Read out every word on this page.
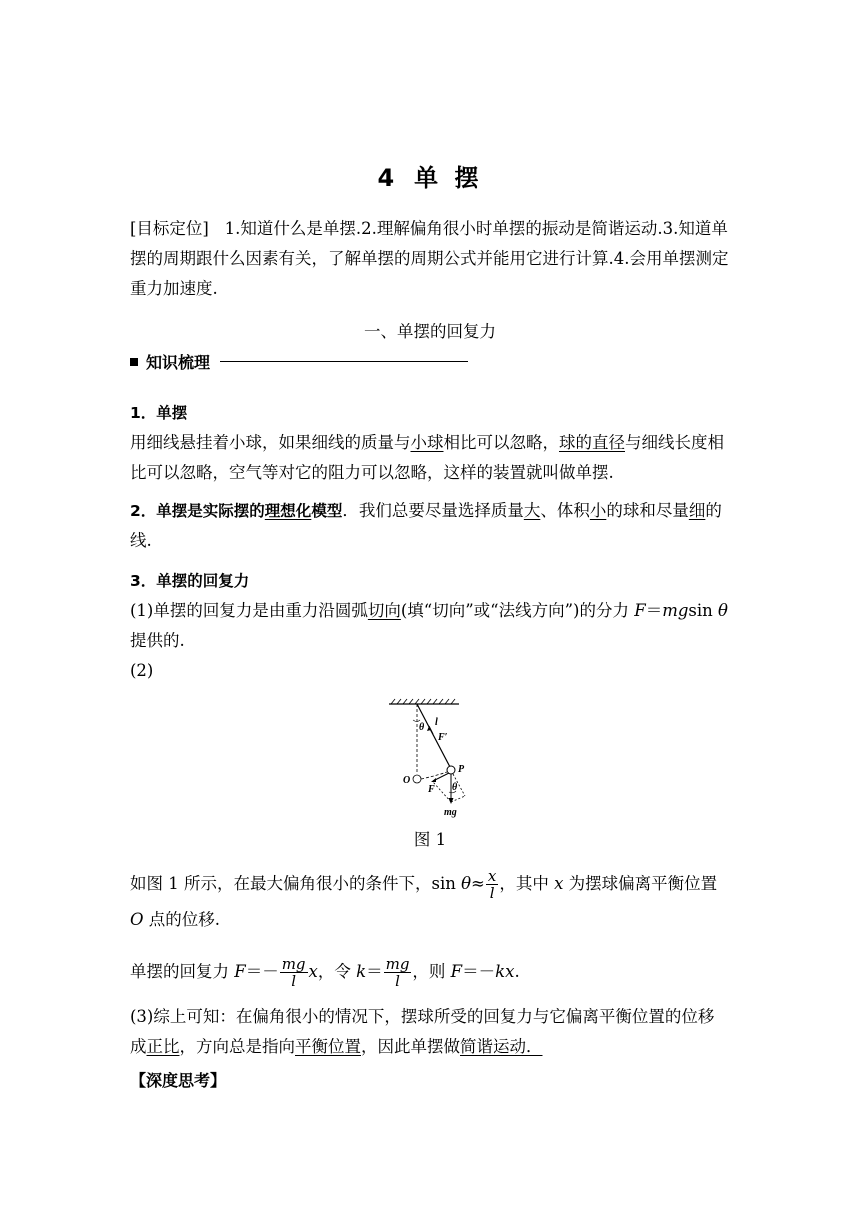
4 单 摆
[目标定位] 1.知道什么是单摆.2.理解偏角很小时单摆的振动是简谐运动.3.知道单摆的周期跟什么因素有关，了解单摆的周期公式并能用它进行计算.4.会用单摆测定重力加速度.
一、单摆的回复力
知识梳理
1．单摆
用细线悬挂着小球，如果细线的质量与小球相比可以忽略，球的直径与细线长度相比可以忽略，空气等对它的阻力可以忽略，这样的装置就叫做单摆.
2．单摆是实际摆的理想化模型．我们总要尽量选择质量大、体积小的球和尽量细的线.
3．单摆的回复力
(1)单摆的回复力是由重力沿圆弧切向(填“切向”或“法线方向”)的分力 F＝mgsin θ 提供的.
(2)
θ l
F′
O
P
F θ
mg
图 1
如图 1 所示，在最大偏角很小的条件下，$\sin \theta\approx \frac{x}{l}$ ，其中 x 为摆球偏离平衡位置
O 点的位移.
单摆的回复力 $F=- \frac{mg}{l}$ x，令 $k= \frac{mg}{l}$ ，则 F＝－kx.
(3)综上可知：在偏角很小的情况下，摆球所受的回复力与它偏离平衡位置的位移成正比，方向总是指向平衡位置，因此单摆做简谐运动．
【深度思考】
